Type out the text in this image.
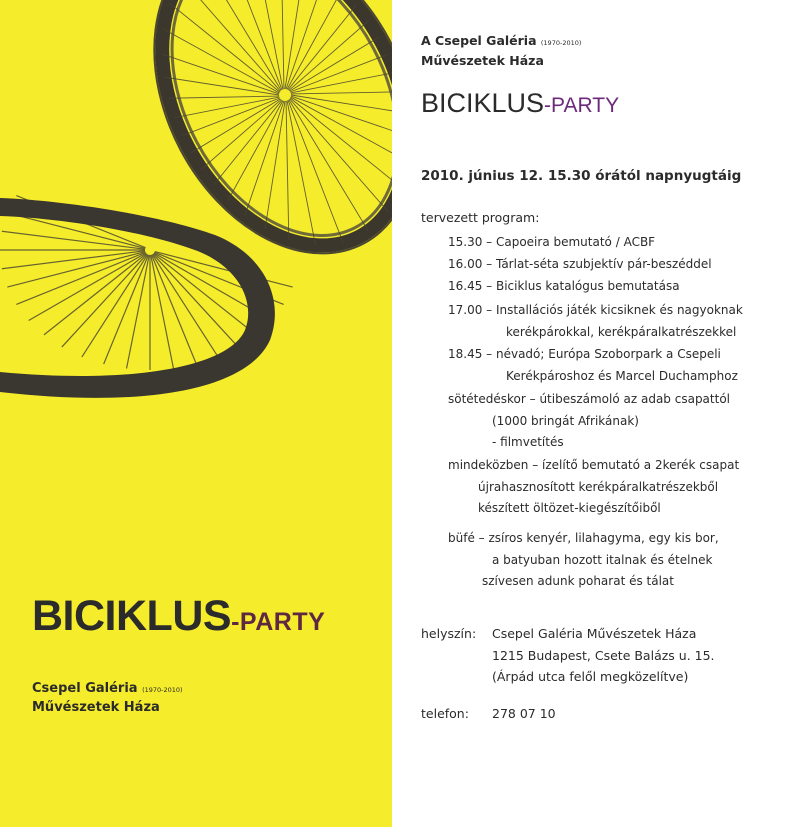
BICIKLUS-PARTY
Csepel Galéria (1970-2010)
Művészetek Háza
A Csepel Galéria (1970-2010)
Művészetek Háza
BICIKLUS-PARTY
2010. június 12. 15.30 órától napnyugtáig
tervezett program:
15.30 – Capoeira bemutató / ACBF
16.00 – Tárlat-séta szubjektív pár-beszéddel
16.45 – Biciklus katalógus bemutatása
17.00 – Installációs játék kicsiknek és nagyoknak
kerékpárokkal, kerékpáralkatrészekkel
18.45 – névadó; Európa Szoborpark a Csepeli
Kerékpároshoz és Marcel Duchamphoz
sötétedéskor – útibeszámoló az adab csapattól
(1000 bringát Afrikának)
- filmvetítés
mindeközben – ízelítő bemutató a 2kerék csapat
újrahasznosított kerékpáralkatrészekből
készített öltözet-kiegészítőiből
büfé – zsíros kenyér, lilahagyma, egy kis bor,
a batyuban hozott italnak és ételnek
szívesen adunk poharat és tálat
helyszín: Csepel Galéria Művészetek Háza
1215 Budapest, Csete Balázs u. 15.
(Árpád utca felől megközelítve)
telefon: 278 07 10
